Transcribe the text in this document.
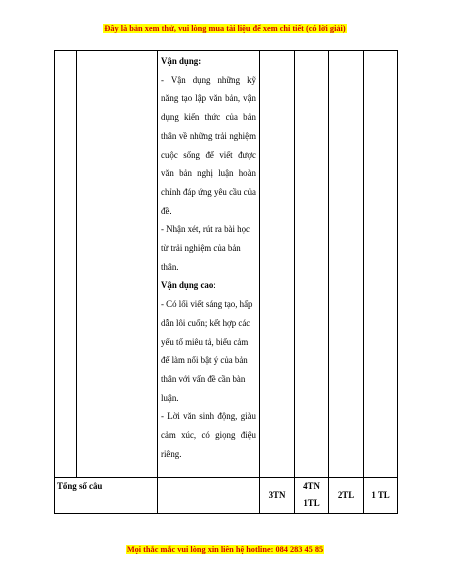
Đây là bản xem thử, vui lòng mua tài liệu để xem chi tiết (có lời giải)

Vận dụng:

- Vận dụng những kỹ năng tạo lập văn bản, vận dụng kiến thức của bản thân về những trải nghiệm cuộc sống để viết được văn bản nghị luận hoàn chỉnh đáp ứng yêu cầu của đề.

- Nhận xét, rút ra bài học từ trải nghiệm của bản thân.

Vận dụng cao:

- Có lối viết sáng tạo, hấp dẫn lôi cuốn; kết hợp các yếu tố miêu tả, biểu cảm để làm nổi bật ý của bản thân với vấn đề cần bàn luận.

- Lời văn sinh động, giàu cảm xúc, có giọng điệu riêng.

Tổng số câu
3TN
4TN
1TL
2TL	1 TL
Mọi thắc mắc vui lòng xin liên hệ hotline: 084 283 45 85
